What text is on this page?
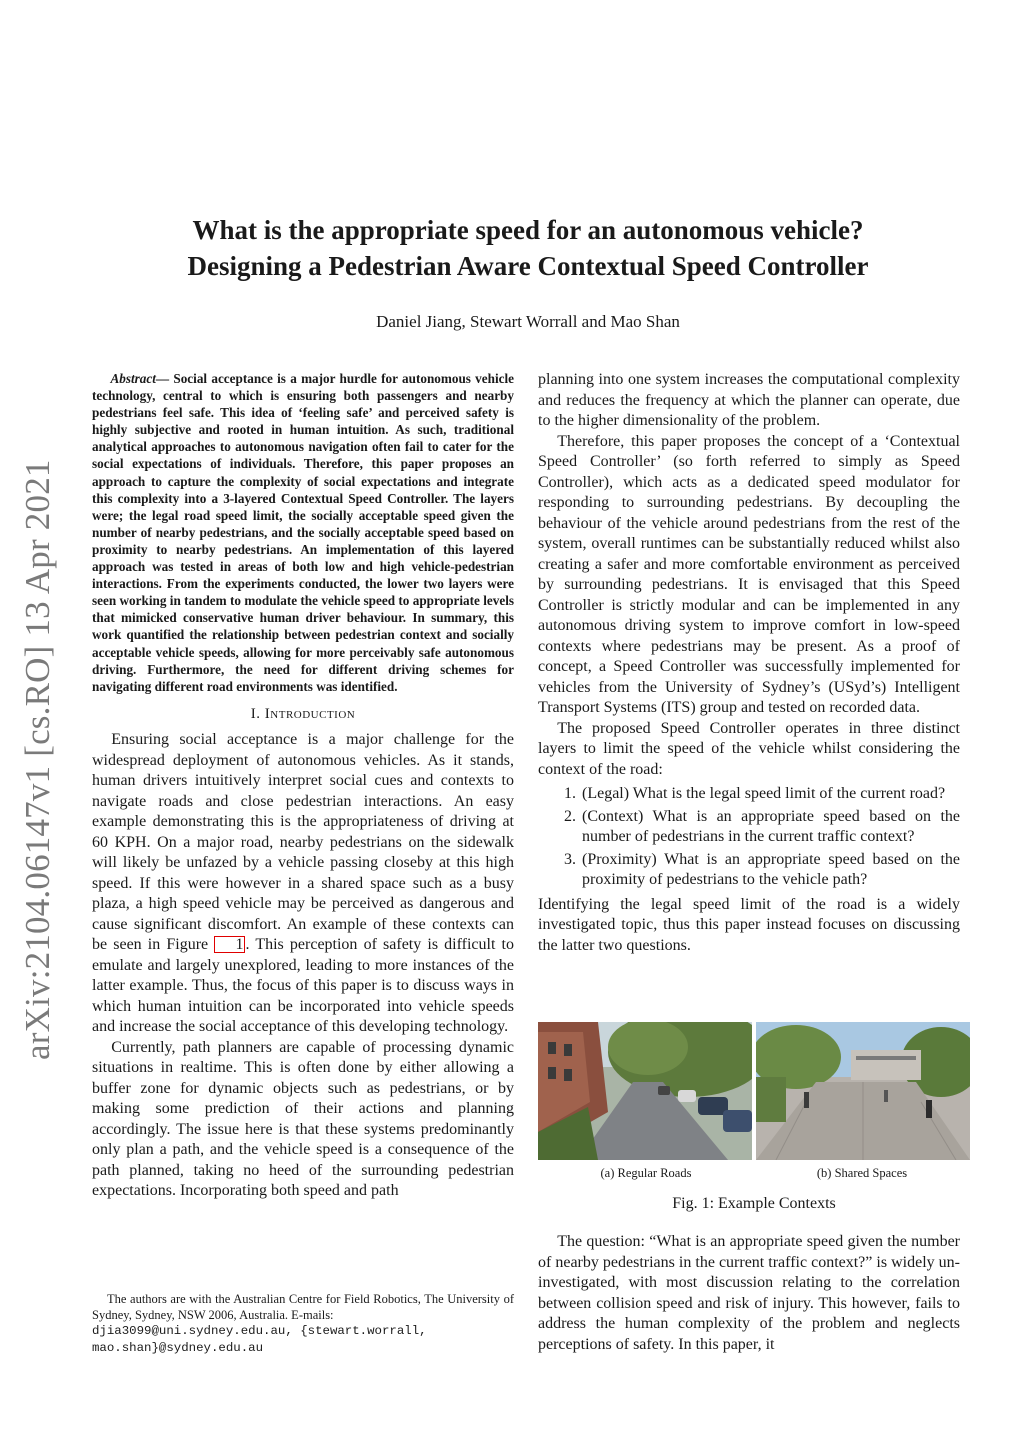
arXiv:2104.06147v1 [cs.RO] 13 Apr 2021
What is the appropriate speed for an autonomous vehicle?
Designing a Pedestrian Aware Contextual Speed Controller
Daniel Jiang, Stewart Worrall and Mao Shan

Abstract— Social acceptance is a major hurdle for autonomous vehicle technology, central to which is ensuring both passengers and nearby pedestrians feel safe. This idea of ‘feeling safe’ and perceived safety is highly subjective and rooted in human intuition. As such, traditional analytical approaches to autonomous navigation often fail to cater for the social expectations of individuals. Therefore, this paper proposes an approach to capture the complexity of social expectations and integrate this complexity into a 3-layered Contextual Speed Controller. The layers were; the legal road speed limit, the socially acceptable speed given the number of nearby pedestrians, and the socially acceptable speed based on proximity to nearby pedestrians. An implementation of this layered approach was tested in areas of both low and high vehicle-pedestrian interactions. From the experiments conducted, the lower two layers were seen working in tandem to modulate the vehicle speed to appropriate levels that mimicked conservative human driver behaviour. In summary, this work quantified the relationship between pedestrian context and socially acceptable vehicle speeds, allowing for more perceivably safe autonomous driving. Furthermore, the need for different driving schemes for navigating different road environments was identified.

I. Introduction

Ensuring social acceptance is a major challenge for the widespread deployment of autonomous vehicles. As it stands, human drivers intuitively interpret social cues and contexts to navigate roads and close pedestrian interactions. An easy example demonstrating this is the appropriateness of driving at 60 KPH. On a major road, nearby pedestrians on the sidewalk will likely be unfazed by a vehicle passing closeby at this high speed. If this were however in a shared space such as a busy plaza, a high speed vehicle may be perceived as dangerous and cause significant discomfort. An example of these contexts can be seen in Figure 1 . This perception of safety is difficult to emulate and largely unexplored, leading to more instances of the latter example. Thus, the focus of this paper is to discuss ways in which human intuition can be incorporated into vehicle speeds and increase the social acceptance of this developing technology.

Currently, path planners are capable of processing dynamic situations in realtime. This is often done by either allowing a buffer zone for dynamic objects such as pedestrians, or by making some prediction of their actions and planning accordingly. The issue here is that these systems predominantly only plan a path, and the vehicle speed is a consequence of the path planned, taking no heed of the surrounding pedestrian expectations. Incorporating both speed and path

The authors are with the Australian Centre for Field Robotics, The University of Sydney, Sydney, NSW 2006, Australia. E-mails:
djia3099@uni.sydney.edu.au, {stewart.worrall,
mao.shan}@sydney.edu.au

planning into one system increases the computational complexity and reduces the frequency at which the planner can operate, due to the higher dimensionality of the problem.

Therefore, this paper proposes the concept of a ‘Contextual Speed Controller’ (so forth referred to simply as Speed Controller), which acts as a dedicated speed modulator for responding to surrounding pedestrians. By decoupling the behaviour of the vehicle around pedestrians from the rest of the system, overall runtimes can be substantially reduced whilst also creating a safer and more comfortable environment as perceived by surrounding pedestrians. It is envisaged that this Speed Controller is strictly modular and can be implemented in any autonomous driving system to improve comfort in low-speed contexts where pedestrians may be present. As a proof of concept, a Speed Controller was successfully implemented for vehicles from the University of Sydney’s (USyd’s) Intelligent Transport Systems (ITS) group and tested on recorded data.

The proposed Speed Controller operates in three distinct layers to limit the speed of the vehicle whilst considering the context of the road:

1. (Legal) What is the legal speed limit of the current road?
2. (Context) What is an appropriate speed based on the number of pedestrians in the current traffic context?
3. (Proximity) What is an appropriate speed based on the proximity of pedestrians to the vehicle path?

Identifying the legal speed limit of the road is a widely investigated topic, thus this paper instead focuses on discussing the latter two questions.

(a) Regular Roads	(b) Shared Spaces
Fig. 1: Example Contexts

The question: “What is an appropriate speed given the number of nearby pedestrians in the current traffic context?” is widely un-investigated, with most discussion relating to the correlation between collision speed and risk of injury. This however, fails to address the human complexity of the problem and neglects perceptions of safety. In this paper, it
